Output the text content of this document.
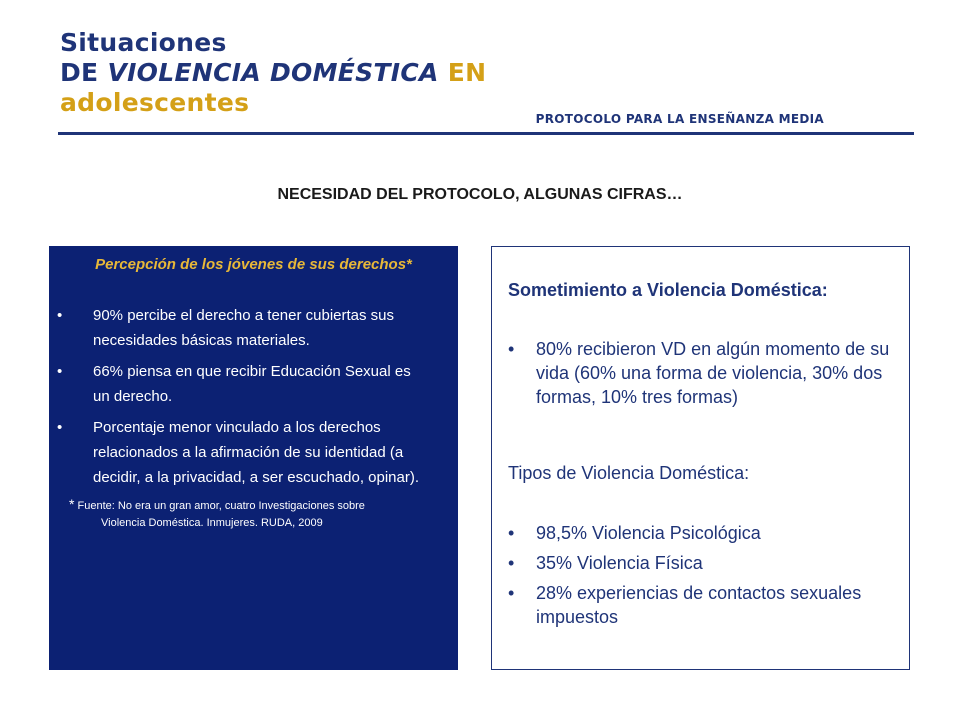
Situaciones
DE VIOLENCIA DOMÉSTICA EN
adolescentes
PROTOCOLO PARA LA ENSEÑANZA MEDIA
NECESIDAD DEL PROTOCOLO, ALGUNAS CIFRAS…
Percepción de los jóvenes de sus derechos*
• 90% percibe el derecho a tener cubiertas sus necesidades básicas materiales.
• 66% piensa en que recibir Educación Sexual es un derecho.
• Porcentaje menor vinculado a los derechos relacionados a la afirmación de su identidad (a decidir, a la privacidad, a ser escuchado, opinar).
* Fuente: No era un gran amor, cuatro Investigaciones sobre
Violencia Doméstica. Inmujeres. RUDA, 2009
Sometimiento a Violencia Doméstica:
• 80% recibieron VD en algún momento de su vida (60% una forma de violencia, 30% dos formas, 10% tres formas)
Tipos de Violencia Doméstica:
• 98,5% Violencia Psicológica
• 35% Violencia Física
• 28% experiencias de contactos sexuales impuestos
